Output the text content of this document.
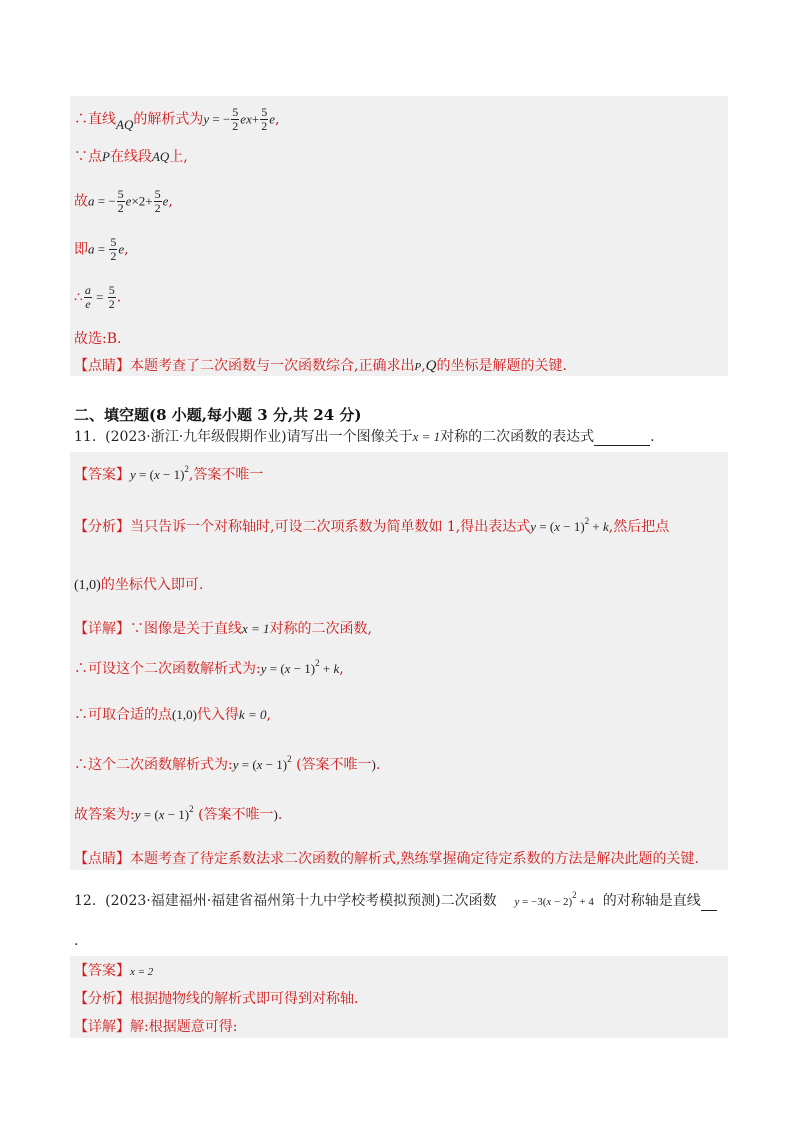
∴直线AQ的解析式为y = − $\frac{5}{2} ex+ \frac{5}{2} e$,
∵点P在线段AQ上,
故a = − $\frac{5}{2} e\times 2+ \frac{5}{2} e$,
即$a = \frac{5}{2} e$,
∴ $\frac{a}{e} = \frac{5}{2}$ .
故选:B.
【点睛】本题考查了二次函数与一次函数综合,正确求出P,Q的坐标是解题的关键.
二、填空题(8 小题,每小题 3 分,共 24 分)
11. (2023·浙江·九年级假期作业)请写出一个图像关于x = 1对称的二次函数的表达式	.
【答案】$y = (x - 1)^2$,答案不唯一
【分析】当只告诉一个对称轴时,可设二次项系数为简单数如 1,得出表达式$y = (x - 1)^2 + k$,然后把点
(1,0)的坐标代入即可.
【详解】∵图像是关于直线x = 1对称的二次函数,
∴可设这个二次函数解析式为:y = $(x - 1)^2 + k$,
∴可取合适的点(1,0)代入得k = 0,
∴这个二次函数解析式为:y = $(x - 1)^2$ (答案不唯一).
故答案为:y = $(x - 1)^2$ (答案不唯一).
【点睛】本题考查了待定系数法求二次函数的解析式,熟练掌握确定待定系数的方法是解决此题的关键.
12. (2023·福建福州·福建省福州第十九中学校考模拟预测)二次函数 $y = -3(x - 2)^2 + 4$ 的对称轴是直线
.
【答案】x = 2
【分析】根据抛物线的解析式即可得到对称轴.
【详解】解:根据题意可得:
